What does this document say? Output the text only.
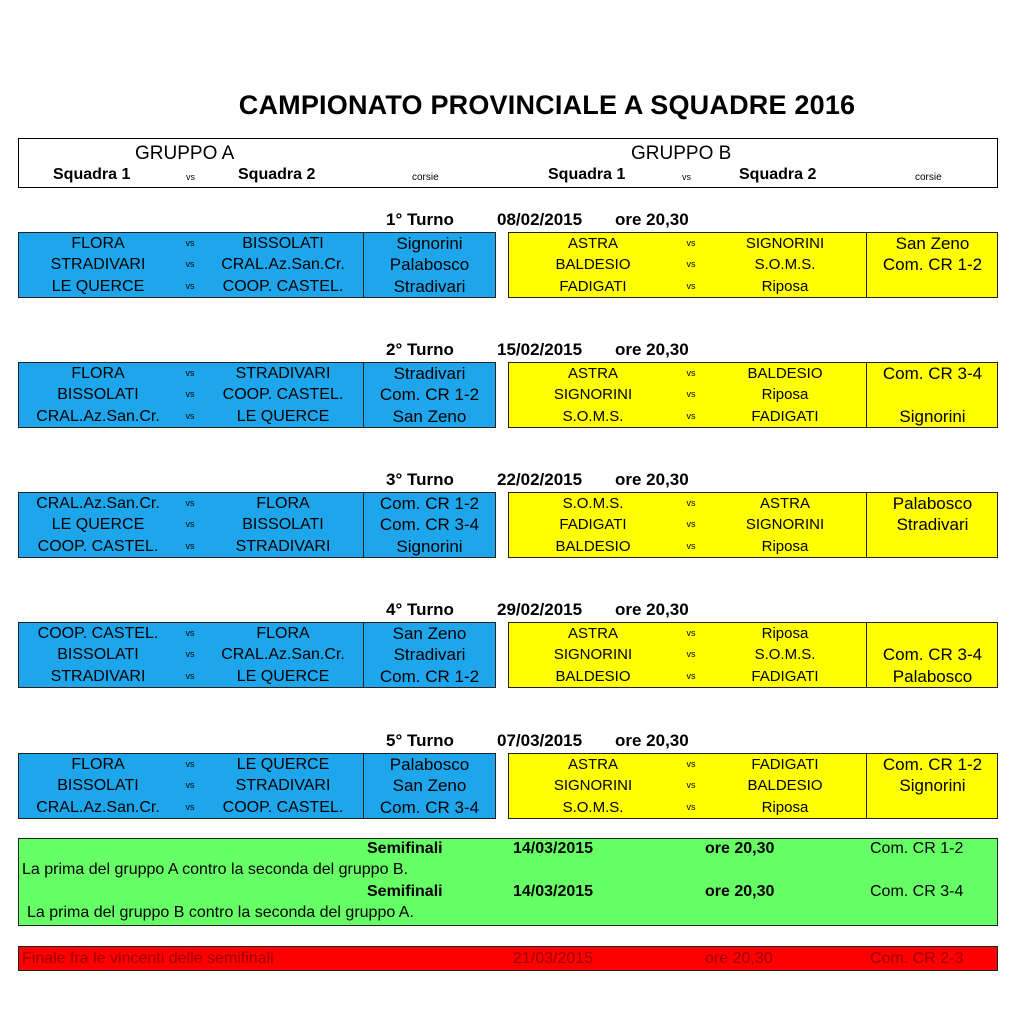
CAMPIONATO PROVINCIALE A SQUADRE 2016
GRUPPO A	GRUPPO B
Squadra 1	vs	Squadra 2	corsie	Squadra 1	vs	Squadra 2	corsie
1° Turno	08/02/2015 ore 20,30
FLORA	vs	BISSOLATI	Signorini
STRADIVARI	vs	CRAL.Az.San.Cr.	Palabosco
LE QUERCE	vs	COOP. CASTEL.	Stradivari
ASTRA	vs	SIGNORINI	San Zeno
BALDESIO	vs	S.O.M.S.	Com. CR 1-2
FADIGATI	vs	Riposa
2° Turno	15/02/2015 ore 20,30
FLORA	vs	STRADIVARI	Stradivari
BISSOLATI	vs	COOP. CASTEL.	Com. CR 1-2
CRAL.Az.San.Cr.	vs	LE QUERCE	San Zeno
ASTRA	vs	BALDESIO	Com. CR 3-4
SIGNORINI	vs	Riposa
S.O.M.S.	vs	FADIGATI	Signorini
3° Turno	22/02/2015 ore 20,30
CRAL.Az.San.Cr.	vs	FLORA	Com. CR 1-2
LE QUERCE	vs	BISSOLATI	Com. CR 3-4
COOP. CASTEL.	vs	STRADIVARI	Signorini
S.O.M.S.	vs	ASTRA	Palabosco
FADIGATI	vs	SIGNORINI	Stradivari
BALDESIO	vs	Riposa
4° Turno	29/02/2015 ore 20,30
COOP. CASTEL.	vs	FLORA	San Zeno
BISSOLATI	vs	CRAL.Az.San.Cr.	Stradivari
STRADIVARI	vs	LE QUERCE	Com. CR 1-2
ASTRA	vs	Riposa
SIGNORINI	vs	S.O.M.S.	Com. CR 3-4
BALDESIO	vs	FADIGATI	Palabosco
5° Turno	07/03/2015 ore 20,30
FLORA	vs	LE QUERCE	Palabosco
BISSOLATI	vs	STRADIVARI	San Zeno
CRAL.Az.San.Cr.	vs	COOP. CASTEL.	Com. CR 3-4
ASTRA	vs	FADIGATI	Com. CR 1-2
SIGNORINI	vs	BALDESIO	Signorini
S.O.M.S.	vs	Riposa
Semifinali	14/03/2015	ore 20,30	Com. CR 1-2
La prima del gruppo A contro la seconda del gruppo B.
Semifinali	14/03/2015	ore 20,30	Com. CR 3-4
La prima del gruppo B contro la seconda del gruppo A.
Finale fra le vincenti delle semifinali	21/03/2015	ore 20,30	Com. CR 2-3
